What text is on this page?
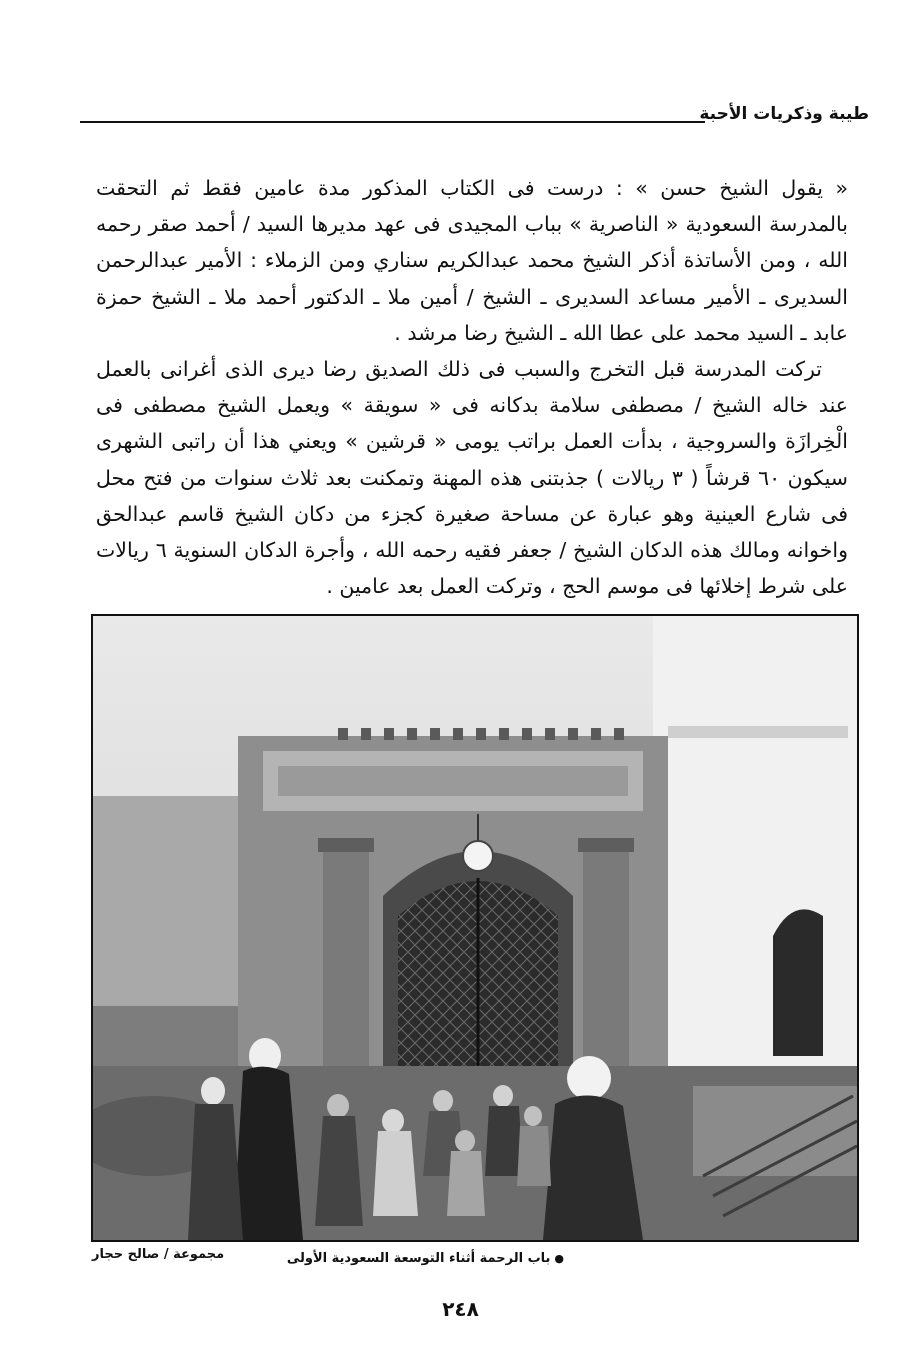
طيبة وذكريات الأحبة

« يقول الشيخ حسن » : درست فى الكتاب المذكور مدة عامين فقط ثم التحقت بالمدرسة السعودية « الناصرية » بباب المجيدى فى عهد مديرها السيد / أحمد صقر رحمه الله ، ومن الأساتذة أذكر الشيخ محمد عبدالكريم سناري ومن الزملاء : الأمير عبدالرحمن السديرى ـ الأمير مساعد السديرى ـ الشيخ / أمين ملا ـ الدكتور أحمد ملا ـ الشيخ حمزة عابد ـ السيد محمد على عطا الله ـ الشيخ رضا مرشد .

تركت المدرسة قبل التخرج والسبب فى ذلك الصديق رضا ديرى الذى أغرانى بالعمل عند خاله الشيخ / مصطفى سلامة بدكانه فى « سويقة » ويعمل الشيخ مصطفى فى الْخِرازَة والسروجية ، بدأت العمل براتب يومى « قرشين » ويعني هذا أن راتبى الشهرى سيكون ٦٠ قرشاً ( ٣ ريالات ) جذبتنى هذه المهنة وتمكنت بعد ثلاث سنوات من فتح محل فى شارع العينية وهو عبارة عن مساحة صغيرة كجزء من دكان الشيخ قاسم عبدالحق واخوانه ومالك هذه الدكان الشيخ / جعفر فقيه رحمه الله ، وأجرة الدكان السنوية ٦ ريالات على شرط إخلائها فى موسم الحج ، وتركت العمل بعد عامين .

●باب الرحمة أثناء التوسعة السعودية الأولى
مجموعة / صالح حجار
٢٤٨
